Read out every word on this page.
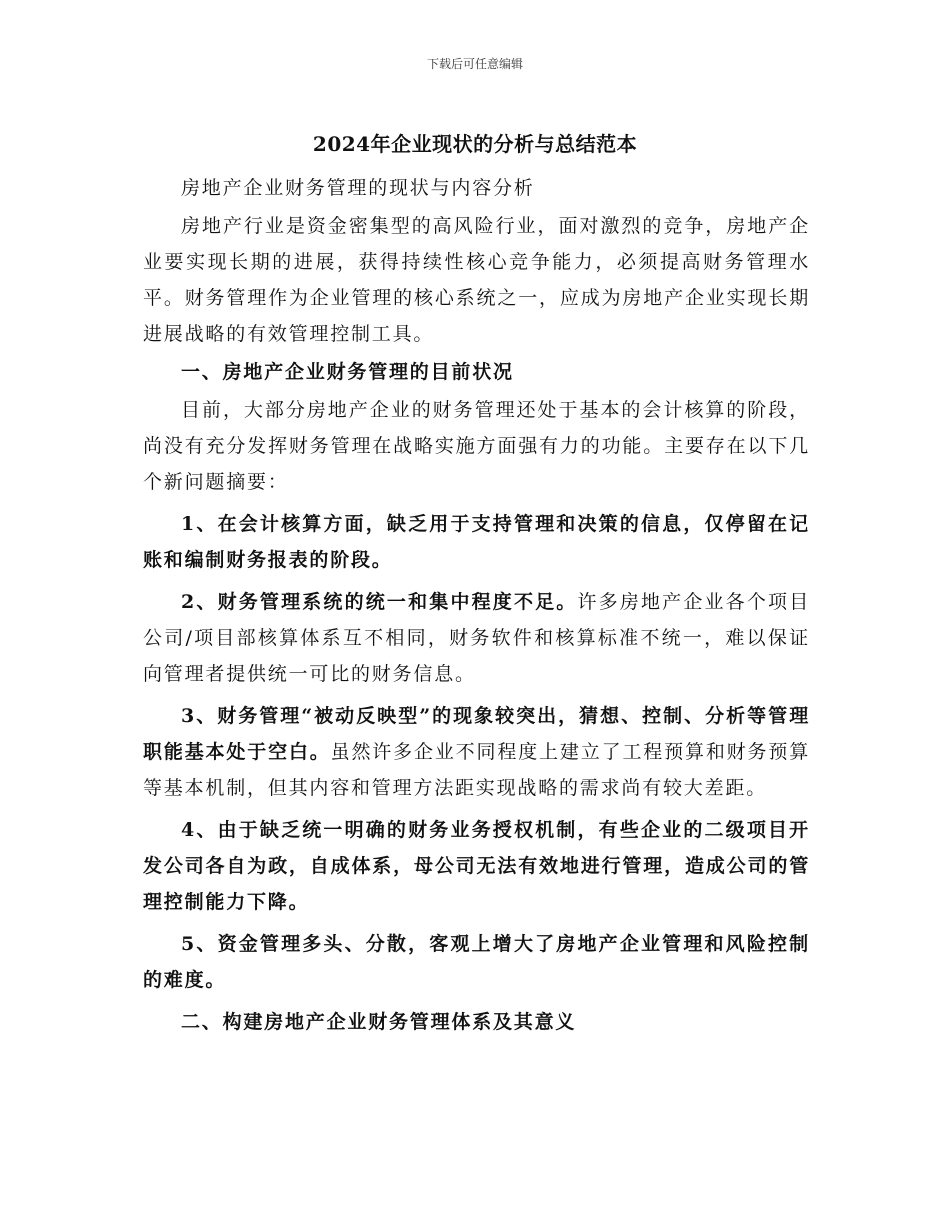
下载后可任意编辑
2024年企业现状的分析与总结范本

房地产企业财务管理的现状与内容分析

房地产行业是资金密集型的高风险行业，面对激烈的竞争，房地产企业要实现长期的进展，获得持续性核心竞争能力，必须提高财务管理水平。财务管理作为企业管理的核心系统之一，应成为房地产企业实现长期进展战略的有效管理控制工具。

一、房地产企业财务管理的目前状况

目前，大部分房地产企业的财务管理还处于基本的会计核算的阶段，尚没有充分发挥财务管理在战略实施方面强有力的功能。主要存在以下几个新问题摘要：

1、在会计核算方面，缺乏用于支持管理和决策的信息，仅停留在记账和编制财务报表的阶段。

2、财务管理系统的统一和集中程度不足。许多房地产企业各个项目公司/项目部核算体系互不相同，财务软件和核算标准不统一，难以保证向管理者提供统一可比的财务信息。

3、财务管理“被动反映型”的现象较突出，猜想、控制、分析等管理职能基本处于空白。虽然许多企业不同程度上建立了工程预算和财务预算等基本机制，但其内容和管理方法距实现战略的需求尚有较大差距。

4、由于缺乏统一明确的财务业务授权机制，有些企业的二级项目开发公司各自为政，自成体系，母公司无法有效地进行管理，造成公司的管理控制能力下降。

5、资金管理多头、分散，客观上增大了房地产企业管理和风险控制的难度。

二、构建房地产企业财务管理体系及其意义
